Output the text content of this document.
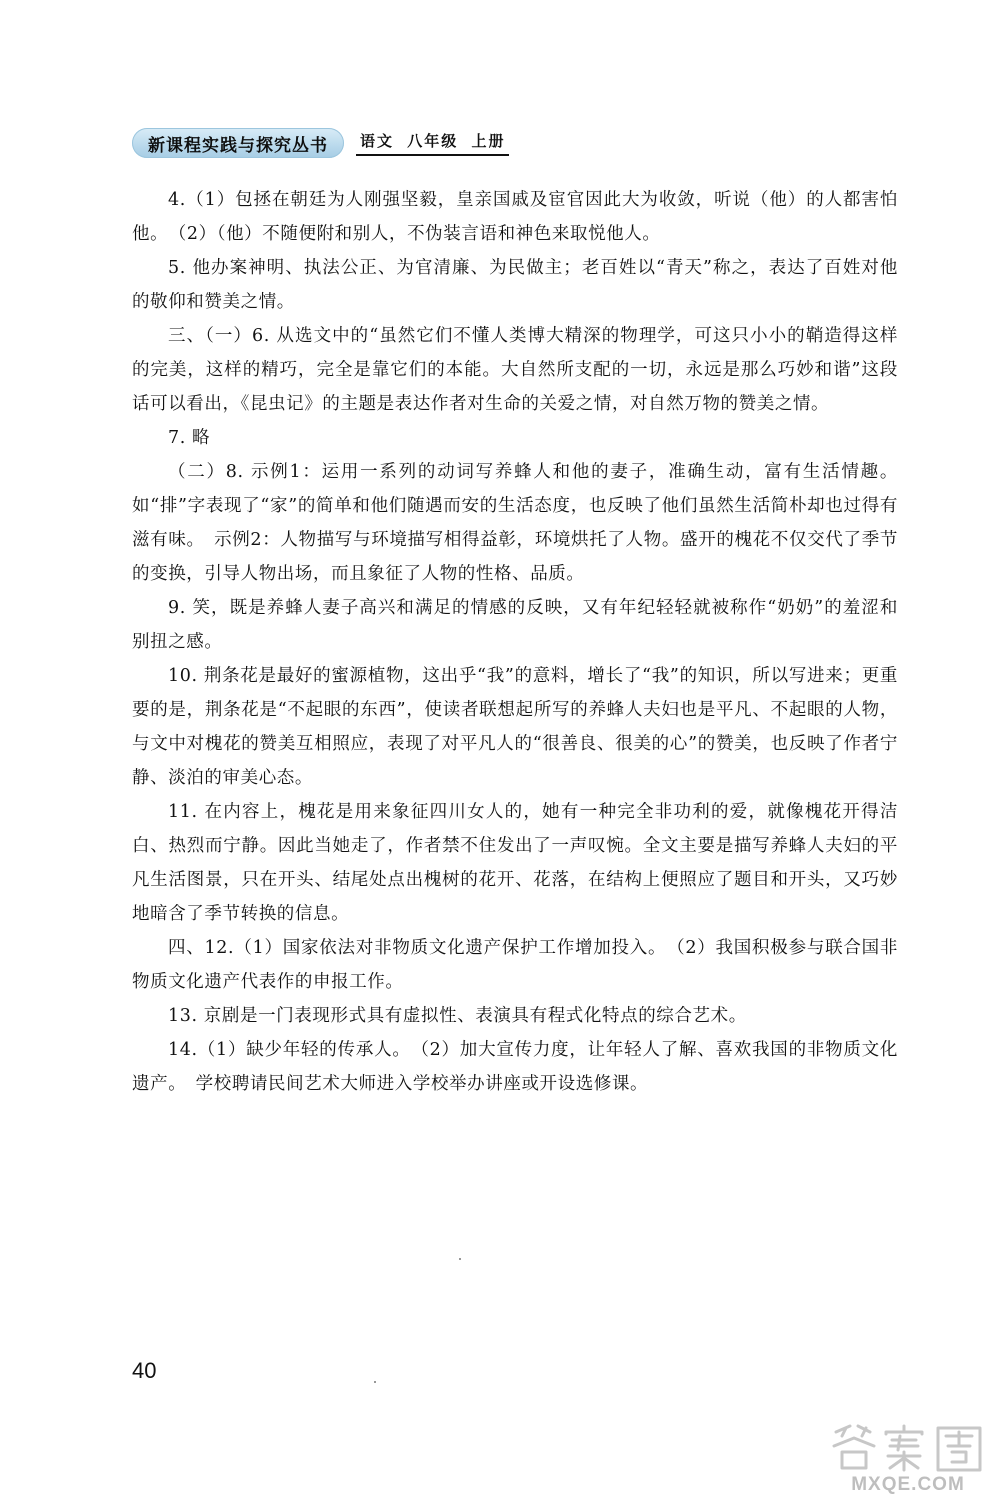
新课程实践与探究丛书	语文 八年级 上册

4.（1）包拯在朝廷为人刚强坚毅，皇亲国戚及宦官因此大为收敛，听说（他）的人都害怕他。　（2）（他）不随便附和别人，不伪装言语和神色来取悦他人。

5. 他办案神明、执法公正、为官清廉、为民做主；老百姓以“青天”称之，表达了百姓对他的敬仰和赞美之情。

三、（一）6. 从选文中的“虽然它们不懂人类博大精深的物理学，可这只小小的鞘造得这样的完美，这样的精巧，完全是靠它们的本能。大自然所支配的一切，永远是那么巧妙和谐”这段话可以看出，《昆虫记》的主题是表达作者对生命的关爱之情，对自然万物的赞美之情。

7. 略

（二）8. 示例1：运用一系列的动词写养蜂人和他的妻子，准确生动，富有生活情趣。如“排”字表现了“家”的简单和他们随遇而安的生活态度，也反映了他们虽然生活简朴却也过得有滋有味。　示例2：人物描写与环境描写相得益彰，环境烘托了人物。盛开的槐花不仅交代了季节的变换，引导人物出场，而且象征了人物的性格、品质。

9. 笑，既是养蜂人妻子高兴和满足的情感的反映，又有年纪轻轻就被称作“奶奶”的羞涩和别扭之感。

10. 荆条花是最好的蜜源植物，这出乎“我”的意料，增长了“我”的知识，所以写进来；更重要的是，荆条花是“不起眼的东西”，使读者联想起所写的养蜂人夫妇也是平凡、不起眼的人物，与文中对槐花的赞美互相照应，表现了对平凡人的“很善良、很美的心”的赞美，也反映了作者宁静、淡泊的审美心态。

11. 在内容上，槐花是用来象征四川女人的，她有一种完全非功利的爱，就像槐花开得洁白、热烈而宁静。因此当她走了，作者禁不住发出了一声叹惋。全文主要是描写养蜂人夫妇的平凡生活图景，只在开头、结尾处点出槐树的花开、花落，在结构上便照应了题目和开头，又巧妙地暗含了季节转换的信息。

四、12.（1）国家依法对非物质文化遗产保护工作增加投入。　（2）我国积极参与联合国非物质文化遗产代表作的申报工作。

13. 京剧是一门表现形式具有虚拟性、表演具有程式化特点的综合艺术。

14.（1）缺少年轻的传承人。　（2）加大宣传力度，让年轻人了解、喜欢我国的非物质文化遗产。　学校聘请民间艺术大师进入学校举办讲座或开设选修课。

40
MXQE.COM
